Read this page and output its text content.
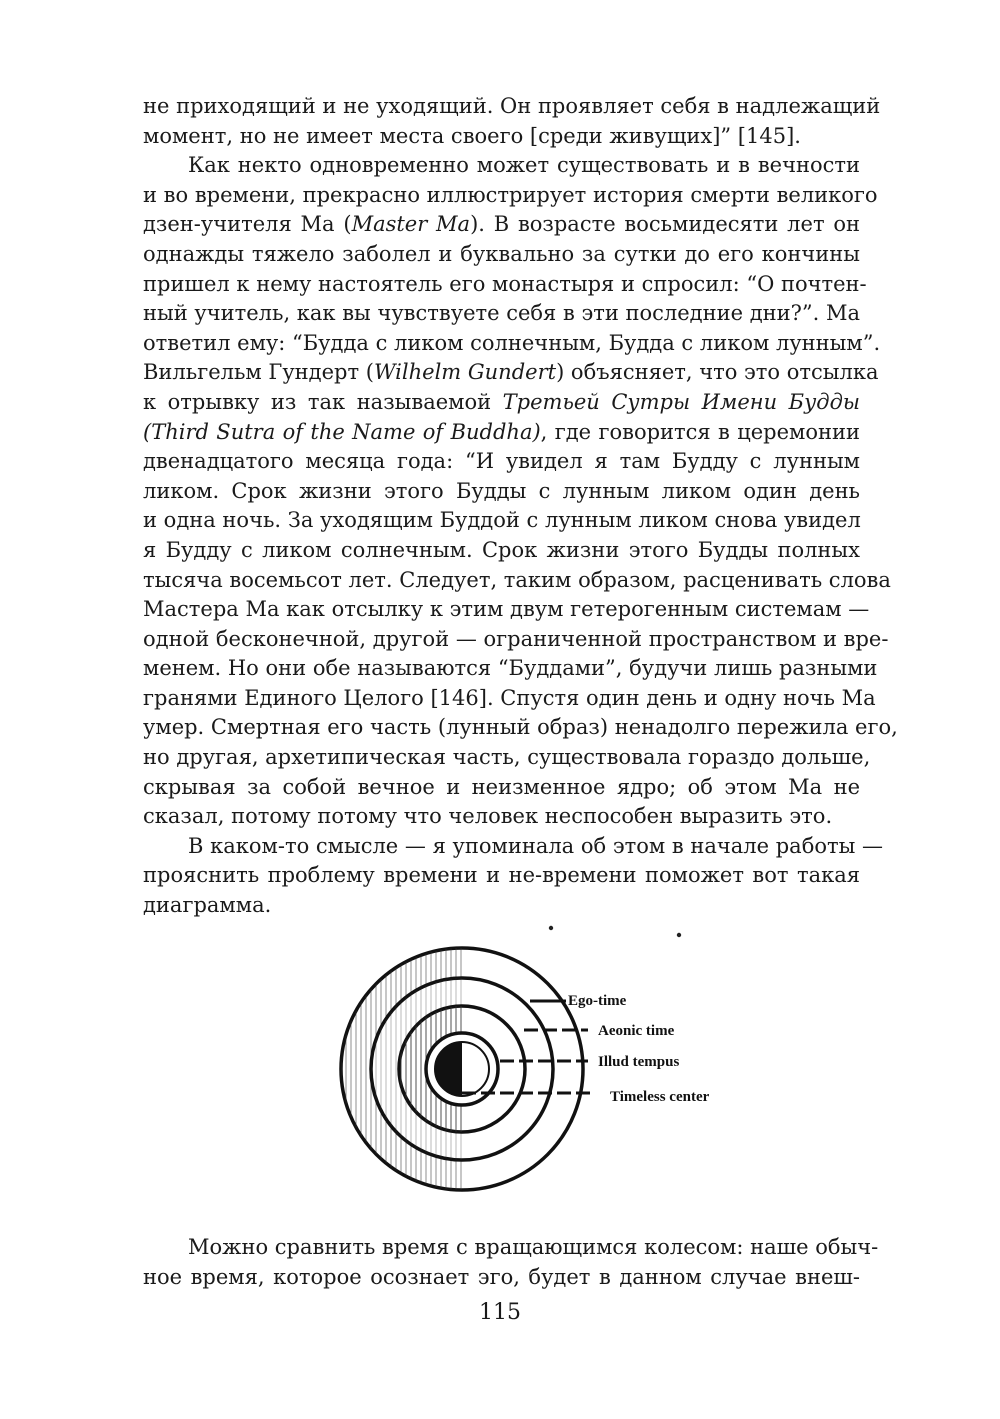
не приходящий и не уходящий. Он проявляет себя в надлежащий
момент, но не имеет места своего [среди живущих]” [145].

Как некто одновременно может существовать и в вечности
и во времени, прекрасно иллюстрирует история смерти великого
дзен-учителя Ма (Master Ma). В возрасте восьмидесяти лет он
однажды тяжело заболел и буквально за сутки до его кончины
пришел к нему настоятель его монастыря и спросил: “О почтен-
ный учитель, как вы чувствуете себя в эти последние дни?”. Ма
ответил ему: “Будда с ликом солнечным, Будда с ликом лунным”.
Вильгельм Гундерт (Wilhelm Gundert) объясняет, что это отсылка
к отрывку из так называемой Третьей Сутры Имени Будды
(Third Sutra of the Name of Buddha), где говорится в церемонии
двенадцатого месяца года: “И увидел я там Будду с лунным
ликом. Срок жизни этого Будды с лунным ликом один день
и одна ночь. За уходящим Буддой с лунным ликом снова увидел
я Будду с ликом солнечным. Срок жизни этого Будды полных
тысяча восемьсот лет. Следует, таким образом, расценивать слова
Мастера Ма как отсылку к этим двум гетерогенным системам —
одной бесконечной, другой — ограниченной пространством и вре-
менем. Но они обе называются “Буддами”, будучи лишь разными
гранями Единого Целого [146]. Спустя один день и одну ночь Ма
умер. Смертная его часть (лунный образ) ненадолго пережила его,
но другая, архетипическая часть, существовала гораздо дольше,
скрывая за собой вечное и неизменное ядро; об этом Ма не
сказал, потому потому что человек неспособен выразить это.

В каком-то смысле — я упоминала об этом в начале работы —
прояснить проблему времени и не-времени поможет вот такая
диаграмма.

Ego-time
Aeonic time
Illud tempus
Timeless center

Можно сравнить время с вращающимся колесом: наше обыч-
ное время, которое осознает эго, будет в данном случае внеш-

115
